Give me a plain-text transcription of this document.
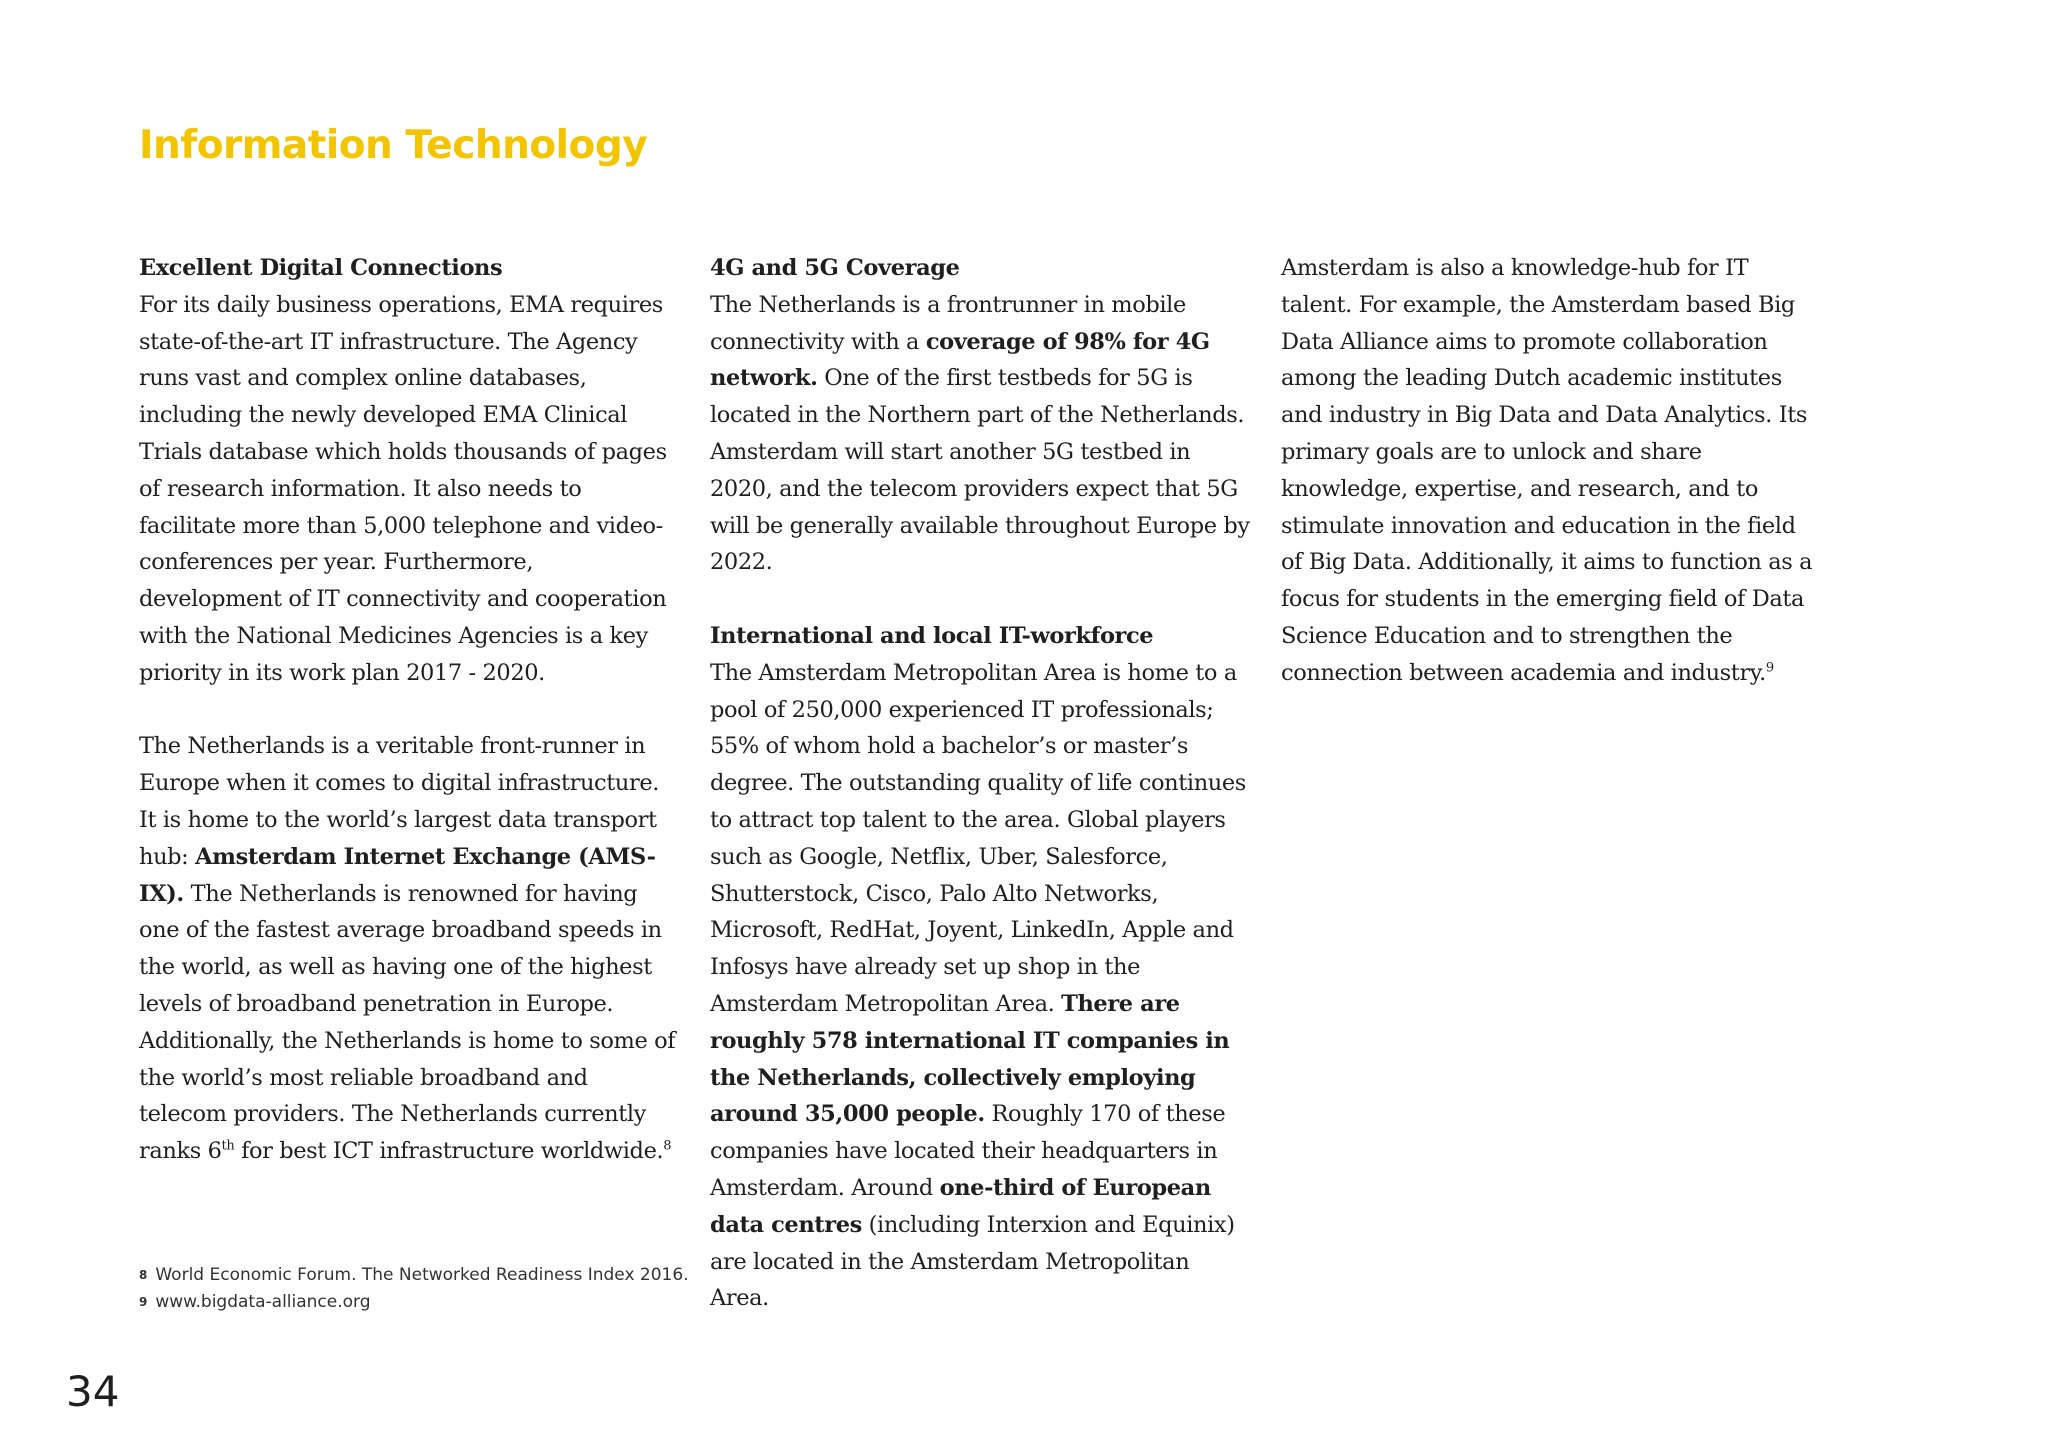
Information Technology

Excellent Digital Connections
For its daily business operations, EMA requires state-of-the-art IT infrastructure. The Agency runs vast and complex online databases, including the newly developed EMA Clinical Trials database which holds thousands of pages of research information. It also needs to facilitate more than 5,000 telephone and video-conferences per year. Furthermore, development of IT connectivity and cooperation with the National Medicines Agencies is a key priority in its work plan 2017 - 2020.

The Netherlands is a veritable front-runner in Europe when it comes to digital infrastructure. It is home to the world’s largest data transport hub: Amsterdam Internet Exchange (AMS-IX). The Netherlands is renowned for having one of the fastest average broadband speeds in the world, as well as having one of the highest levels of broadband penetration in Europe. Additionally, the Netherlands is home to some of the world’s most reliable broadband and telecom providers. The Netherlands currently ranks 6th for best ICT infrastructure worldwide.$^8$

4G and 5G Coverage
The Netherlands is a frontrunner in mobile connectivity with a coverage of 98% for 4G network. One of the first testbeds for 5G is located in the Northern part of the Netherlands. Amsterdam will start another 5G testbed in 2020, and the telecom providers expect that 5G will be generally available throughout Europe by 2022.

International and local IT-workforce
The Amsterdam Metropolitan Area is home to a pool of 250,000 experienced IT professionals; 55% of whom hold a bachelor’s or master’s degree. The outstanding quality of life continues to attract top talent to the area. Global players such as Google, Netflix, Uber, Salesforce, Shutterstock, Cisco, Palo Alto Networks, Microsoft, RedHat, Joyent, LinkedIn, Apple and Infosys have already set up shop in the Amsterdam Metropolitan Area. There are roughly 578 international IT companies in the Netherlands, collectively employing around 35,000 people. Roughly 170 of these companies have located their headquarters in Amsterdam. Around one-third of European data centres (including Interxion and Equinix) are located in the Amsterdam Metropolitan Area.

Amsterdam is also a knowledge-hub for IT talent. For example, the Amsterdam based Big Data Alliance aims to promote collaboration among the leading Dutch academic institutes and industry in Big Data and Data Analytics. Its primary goals are to unlock and share knowledge, expertise, and research, and to stimulate innovation and education in the field of Big Data. Additionally, it aims to function as a focus for students in the emerging field of Data Science Education and to strengthen the connection between academia and industry.$^9$

8 World Economic Forum. The Networked Readiness Index 2016.
9 www.bigdata-alliance.org
34
